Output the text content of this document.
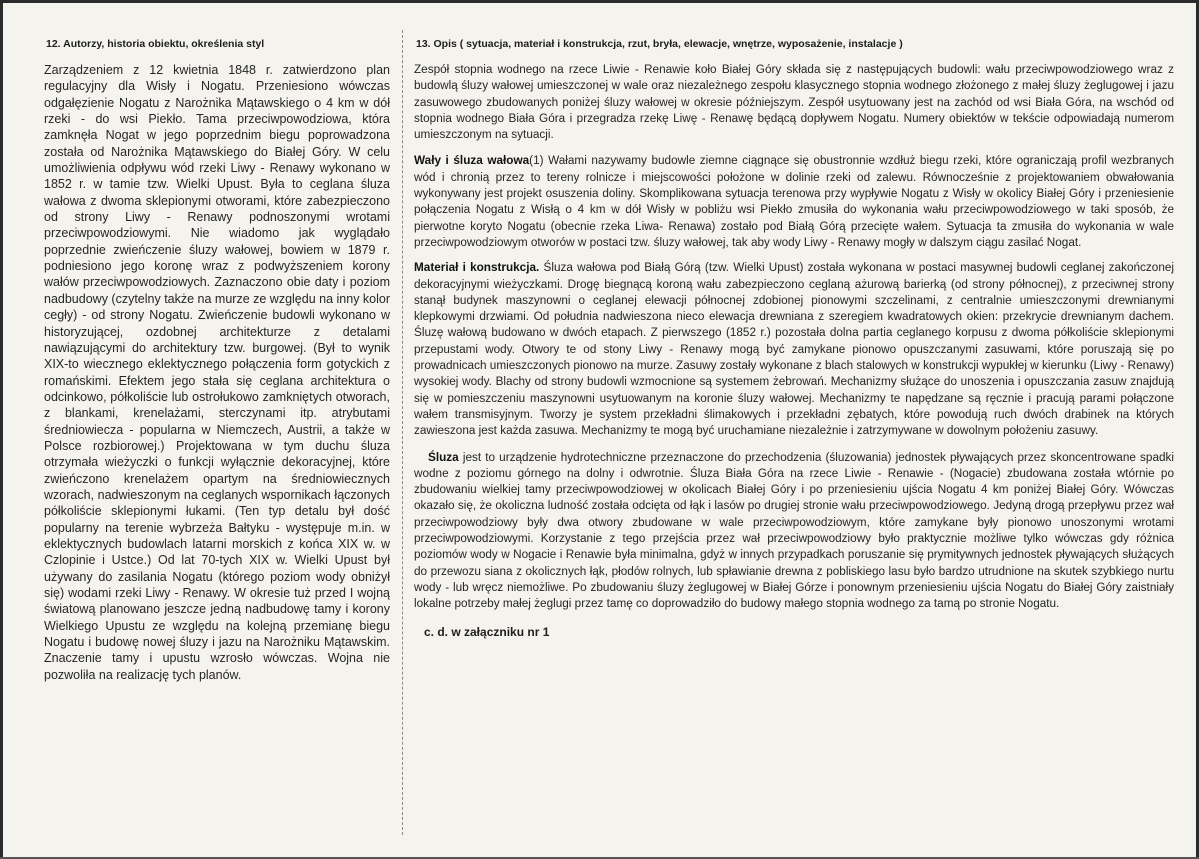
12. Autorzy, historia obiektu, określenia styl

Zarządzeniem z 12 kwietnia 1848 r. zatwierdzono plan regulacyjny dla Wisły i Nogatu. Przeniesiono wówczas odgałęzienie Nogatu z Narożnika Mątawskiego o 4 km w dół rzeki - do wsi Piekło. Tama przeciwpowodziowa, która zamknęła Nogat w jego poprzednim biegu poprowadzona została od Narożnika Mątawskiego do Białej Góry. W celu umożliwienia odpływu wód rzeki Liwy - Renawy wykonano w 1852 r. w tamie tzw. Wielki Upust. Była to ceglana śluza wałowa z dwoma sklepionymi otworami, które zabezpieczono od strony Liwy - Renawy podnoszonymi wrotami przeciwpowodziowymi. Nie wiadomo jak wyglądało poprzednie zwieńczenie śluzy wałowej, bowiem w 1879 r. podniesiono jego koronę wraz z podwyższeniem korony wałów przeciwpowodziowych. Zaznaczono obie daty i poziom nadbudowy (czytelny także na murze ze względu na inny kolor cegły) - od strony Nogatu. Zwieńczenie budowli wykonano w historyzującej, ozdobnej architekturze z detalami nawiązującymi do architektury tzw. burgowej. (Był to wynik XIX-to wiecznego eklektycznego połączenia form gotyckich z romańskimi. Efektem jego stała się ceglana architektura o odcinkowo, półkoliście lub ostrołukowo zamkniętych otworach, z blankami, krenelażami, sterczynami itp. atrybutami średniowiecza - popularna w Niemczech, Austrii, a także w Polsce rozbiorowej.) Projektowana w tym duchu śluza otrzymała wieżyczki o funkcji wyłącznie dekoracyjnej, które zwieńczono krenelażem opartym na średniowiecznych wzorach, nadwieszonym na ceglanych wspornikach łączonych półkoliście sklepionymi łukami. (Ten typ detalu był dość popularny na terenie wybrzeża Bałtyku - występuje m.in. w eklektycznych budowlach latarni morskich z końca XIX w. w Czlopinie i Ustce.) Od lat 70-tych XIX w. Wielki Upust był używany do zasilania Nogatu (którego poziom wody obniżył się) wodami rzeki Liwy - Renawy. W okresie tuż przed I wojną światową planowano jeszcze jedną nadbudowę tamy i korony Wielkiego Upustu ze względu na kolejną przemianę biegu Nogatu i budowę nowej śluzy i jazu na Narożniku Mątawskim. Znaczenie tamy i upustu wzrosło wówczas. Wojna nie pozwoliła na realizację tych planów.

13. Opis ( sytuacja, materiał i konstrukcja, rzut, bryła, elewacje, wnętrze, wyposażenie, instalacje )

Zespół stopnia wodnego na rzece Liwie - Renawie koło Białej Góry składa się z następujących budowli: wału przeciwpowodziowego wraz z budowlą śluzy wałowej umieszczonej w wale oraz niezależnego zespołu klasycznego stopnia wodnego złożonego z małej śluzy żeglugowej i jazu zasuwowego zbudowanych poniżej śluzy wałowej w okresie późniejszym. Zespół usytuowany jest na zachód od wsi Biała Góra, na wschód od stopnia wodnego Biała Góra i przegradza rzekę Liwę - Renawę będącą dopływem Nogatu. Numery obiektów w tekście odpowiadają numerom umieszczonym na sytuacji.

Wały i śluza wałowa(1) Wałami nazywamy budowle ziemne ciągnące się obustronnie wzdłuż biegu rzeki, które ograniczają profil wezbranych wód i chronią przez to tereny rolnicze i miejscowości położone w dolinie rzeki od zalewu. Równocześnie z projektowaniem obwałowania wykonywany jest projekt osuszenia doliny. Skomplikowana sytuacja terenowa przy wypływie Nogatu z Wisły w okolicy Białej Góry i przeniesienie połączenia Nogatu z Wisłą o 4 km w dół Wisły w pobliżu wsi Piekło zmusiła do wykonania wału przeciwpowodziowego w taki sposób, że pierwotne koryto Nogatu (obecnie rzeka Liwa- Renawa) zostało pod Białą Górą przecięte wałem. Sytuacja ta zmusiła do wykonania w wale przeciwpowodziowym otworów w postaci tzw. śluzy wałowej, tak aby wody Liwy - Renawy mogły w dalszym ciągu zasilać Nogat.

Materiał i konstrukcja. Śluza wałowa pod Białą Górą (tzw. Wielki Upust) została wykonana w postaci masywnej budowli ceglanej zakończonej dekoracyjnymi wieżyczkami. Drogę biegnącą koroną wału zabezpieczono ceglaną ażurową barierką (od strony północnej), z przeciwnej strony stanął budynek maszynowni o ceglanej elewacji północnej zdobionej pionowymi szczelinami, z centralnie umieszczonymi drewnianymi klepkowymi drzwiami. Od południa nadwieszona nieco elewacja drewniana z szeregiem kwadratowych okien: przekrycie drewnianym dachem. Śluzę wałową budowano w dwóch etapach. Z pierwszego (1852 r.) pozostała dolna partia ceglanego korpusu z dwoma półkoliście sklepionymi przepustami wody. Otwory te od stony Liwy - Renawy mogą być zamykane pionowo opuszczanymi zasuwami, które poruszają się po prowadnicach umieszczonych pionowo na murze. Zasuwy zostały wykonane z blach stalowych w konstrukcji wypukłej w kierunku (Liwy - Renawy) wysokiej wody. Blachy od strony budowli wzmocnione są systemem żebrowań. Mechanizmy służące do unoszenia i opuszczania zasuw znajdują się w pomieszczeniu maszynowni usytuowanym na koronie śluzy wałowej. Mechanizmy te napędzane są ręcznie i pracują parami połączone wałem transmisyjnym. Tworzy je system przekładni ślimakowych i przekładni zębatych, które powodują ruch dwóch drabinek na których zawieszona jest każda zasuwa. Mechanizmy te mogą być uruchamiane niezależnie i zatrzymywane w dowolnym położeniu zasuwy.

Śluza jest to urządzenie hydrotechniczne przeznaczone do przechodzenia (śluzowania) jednostek pływających przez skoncentrowane spadki wodne z poziomu górnego na dolny i odwrotnie. Śluza Biała Góra na rzece Liwie - Renawie - (Nogacie) zbudowana została wtórnie po zbudowaniu wielkiej tamy przeciwpowodziowej w okolicach Białej Góry i po przeniesieniu ujścia Nogatu 4 km poniżej Białej Góry. Wówczas okazało się, że okoliczna ludność została odcięta od łąk i lasów po drugiej stronie wału przeciwpowodziowego. Jedyną drogą przepływu przez wał przeciwpowodziowy były dwa otwory zbudowane w wale przeciwpowodziowym, które zamykane były pionowo unoszonymi wrotami przeciwpowodziowymi. Korzystanie z tego przejścia przez wał przeciwpowodziowy było praktycznie możliwe tylko wówczas gdy różnica poziomów wody w Nogacie i Renawie była minimalna, gdyż w innych przypadkach poruszanie się prymitywnych jednostek pływających służących do przewozu siana z okolicznych łąk, płodów rolnych, lub spławianie drewna z pobliskiego lasu było bardzo utrudnione na skutek szybkiego nurtu wody - lub wręcz niemożliwe. Po zbudowaniu śluzy żeglugowej w Białej Górze i ponownym przeniesieniu ujścia Nogatu do Białej Góry zaistniały lokalne potrzeby małej żeglugi przez tamę co doprowadziło do budowy małego stopnia wodnego za tamą po stronie Nogatu.

c. d. w załączniku nr 1
